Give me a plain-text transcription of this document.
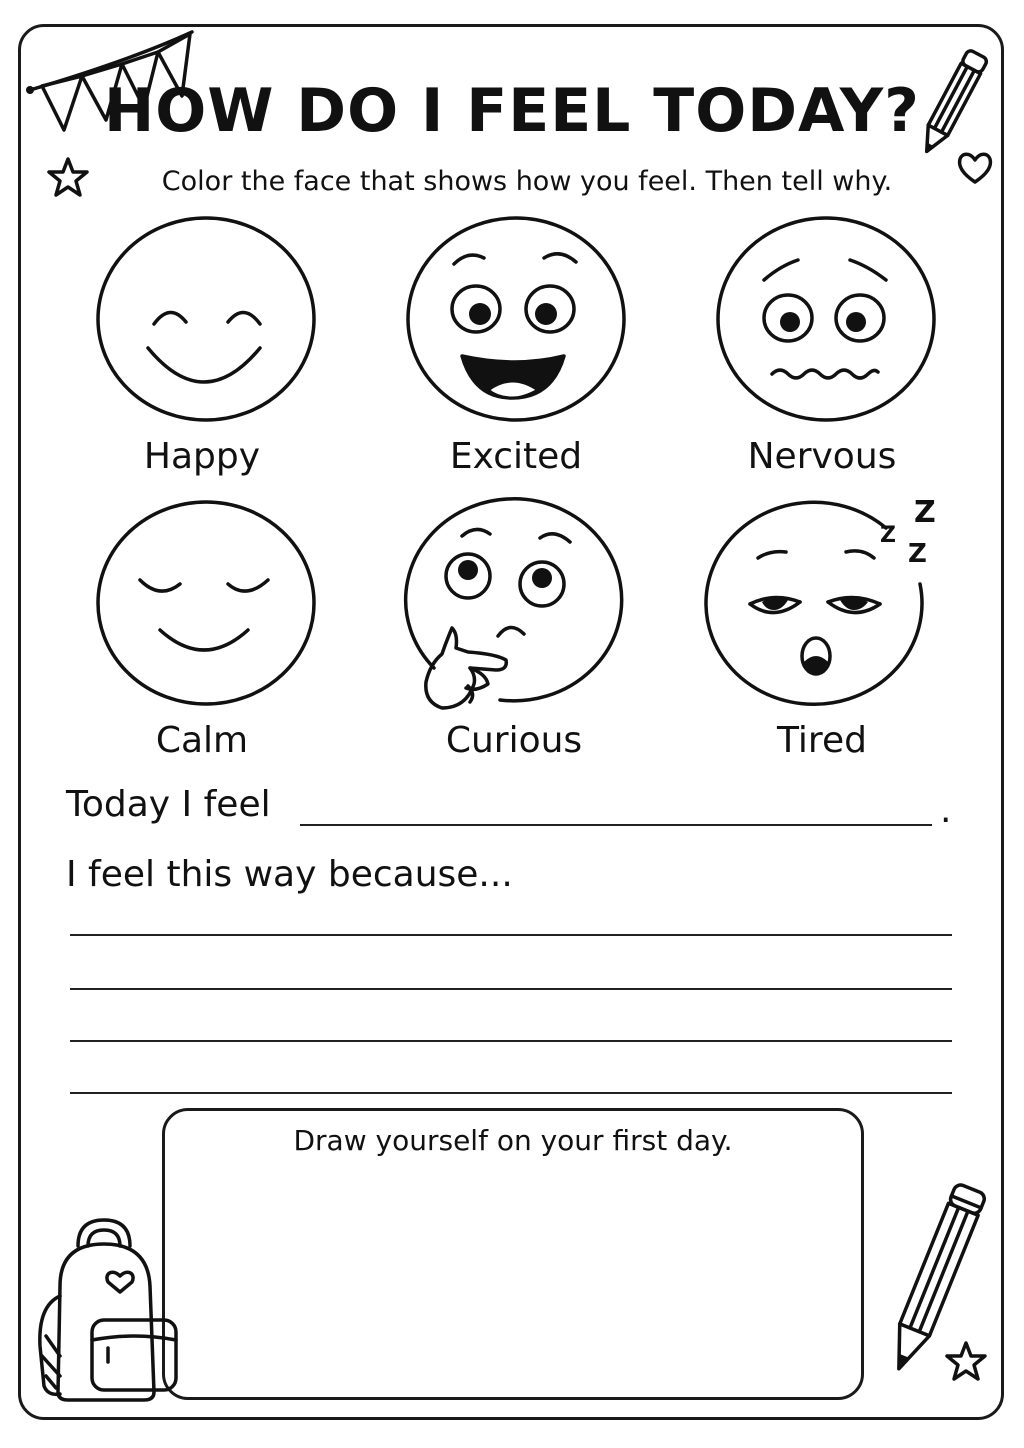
HOW DO I FEEL TODAY?
Color the face that shows how you feel. Then tell why.
Happy	Excited	Nervous
Calm	Curious
Z
Z
Z
Tired
Today I feel	.
I feel this way because...
Draw yourself on your first day.
